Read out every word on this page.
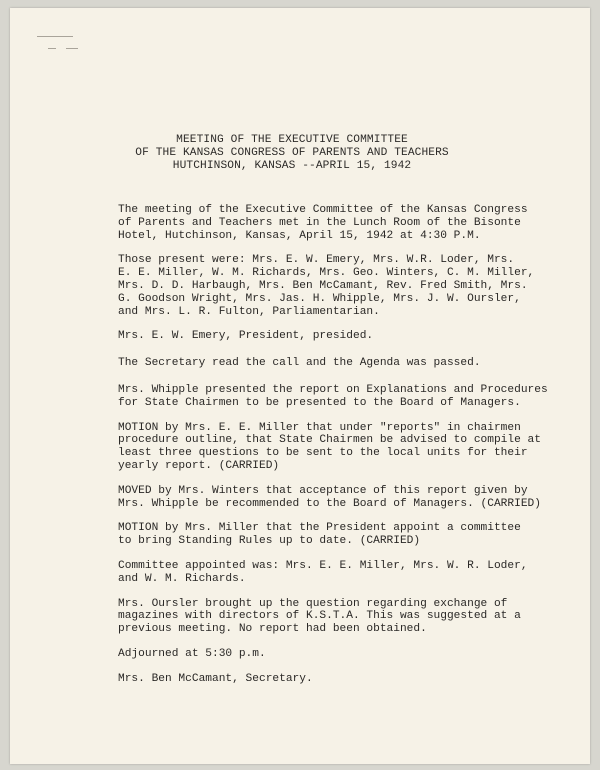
MEETING OF THE EXECUTIVE COMMITTEE
OF THE KANSAS CONGRESS OF PARENTS AND TEACHERS
HUTCHINSON, KANSAS --APRIL 15, 1942
The meeting of the Executive Committee of the Kansas Congress
of Parents and Teachers met in the Lunch Room of the Bisonte
Hotel, Hutchinson, Kansas, April 15, 1942 at 4:30 P.M.
Those present were: Mrs. E. W. Emery, Mrs. W.R. Loder, Mrs.
E. E. Miller, W. M. Richards, Mrs. Geo. Winters, C. M. Miller,
Mrs. D. D. Harbaugh, Mrs. Ben McCamant, Rev. Fred Smith, Mrs.
G. Goodson Wright, Mrs. Jas. H. Whipple, Mrs. J. W. Oursler,
and Mrs. L. R. Fulton, Parliamentarian.
Mrs. E. W. Emery, President, presided.
The Secretary read the call and the Agenda was passed.
Mrs. Whipple presented the report on Explanations and Procedures
for State Chairmen to be presented to the Board of Managers.
MOTION by Mrs. E. E. Miller that under "reports" in chairmen
procedure outline, that State Chairmen be advised to compile at
least three questions to be sent to the local units for their
yearly report. (CARRIED)
MOVED by Mrs. Winters that acceptance of this report given by
Mrs. Whipple be recommended to the Board of Managers. (CARRIED)
MOTION by Mrs. Miller that the President appoint a committee
to bring Standing Rules up to date. (CARRIED)
Committee appointed was: Mrs. E. E. Miller, Mrs. W. R. Loder,
and W. M. Richards.
Mrs. Oursler brought up the question regarding exchange of
magazines with directors of K.S.T.A. This was suggested at a
previous meeting. No report had been obtained.
Adjourned at 5:30 p.m.
Mrs. Ben McCamant, Secretary.
